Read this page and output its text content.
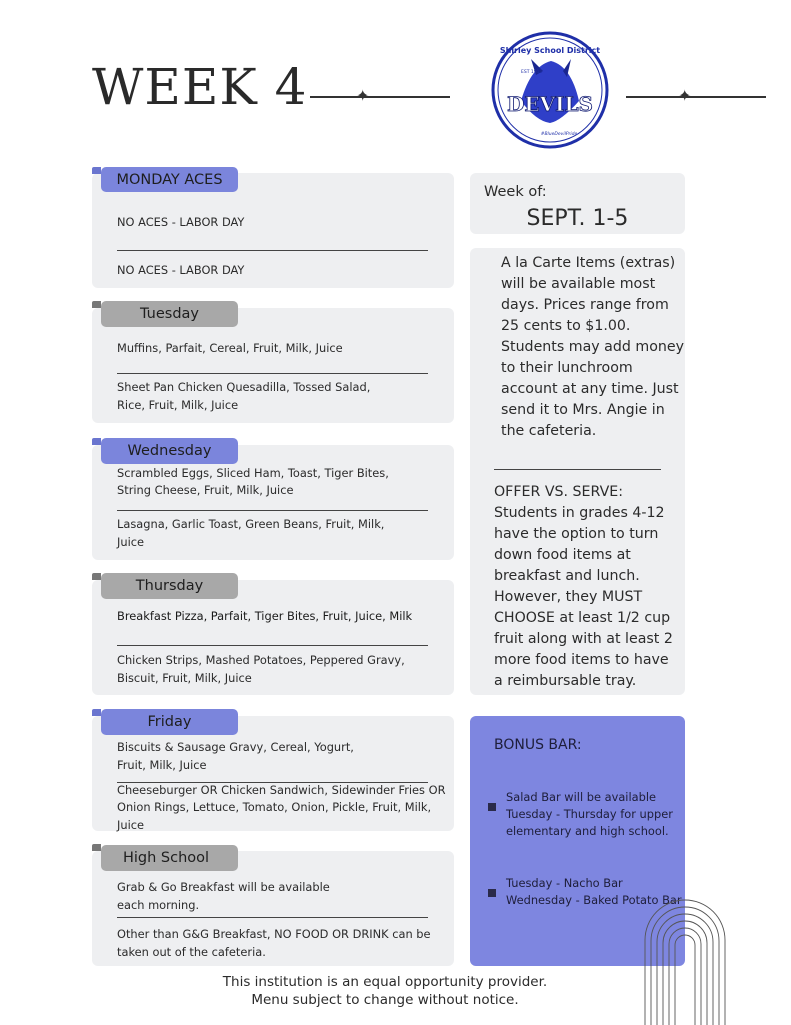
WEEK 4	✦	✦
Shirley School District
EST 1911
DEVILS
#BlueDevilPride
MONDAY ACES
NO ACES - LABOR DAY
NO ACES - LABOR DAY
Tuesday
Muffins, Parfait, Cereal, Fruit, Milk, Juice
Sheet Pan Chicken Quesadilla, Tossed Salad,
Rice, Fruit, Milk, Juice
Wednesday
Scrambled Eggs, Sliced Ham, Toast, Tiger Bites,
String Cheese, Fruit, Milk, Juice
Lasagna, Garlic Toast, Green Beans, Fruit, Milk,
Juice
Thursday
Breakfast Pizza, Parfait, Tiger Bites, Fruit, Juice, Milk
Chicken Strips, Mashed Potatoes, Peppered Gravy,
Biscuit, Fruit, Milk, Juice
Friday
Biscuits & Sausage Gravy, Cereal, Yogurt,
Fruit, Milk, Juice
Cheeseburger OR Chicken Sandwich, Sidewinder Fries OR
Onion Rings, Lettuce, Tomato, Onion, Pickle, Fruit, Milk,
Juice
High School
Grab & Go Breakfast will be available
each morning.
Other than G&G Breakfast, NO FOOD OR DRINK can be
taken out of the cafeteria.
Week of:
SEPT. 1-5
A la Carte Items (extras)
will be available most
days. Prices range from
25 cents to $1.00.
Students may add money
to their lunchroom
account at any time. Just
send it to Mrs. Angie in
the cafeteria.
OFFER VS. SERVE:
Students in grades 4-12
have the option to turn
down food items at
breakfast and lunch.
However, they MUST
CHOOSE at least 1/2 cup
fruit along with at least 2
more food items to have
a reimbursable tray.
BONUS BAR:
Salad Bar will be available
Tuesday - Thursday for upper
elementary and high school.
Tuesday - Nacho Bar
Wednesday - Baked Potato Bar
This institution is an equal opportunity provider.
Menu subject to change without notice.
